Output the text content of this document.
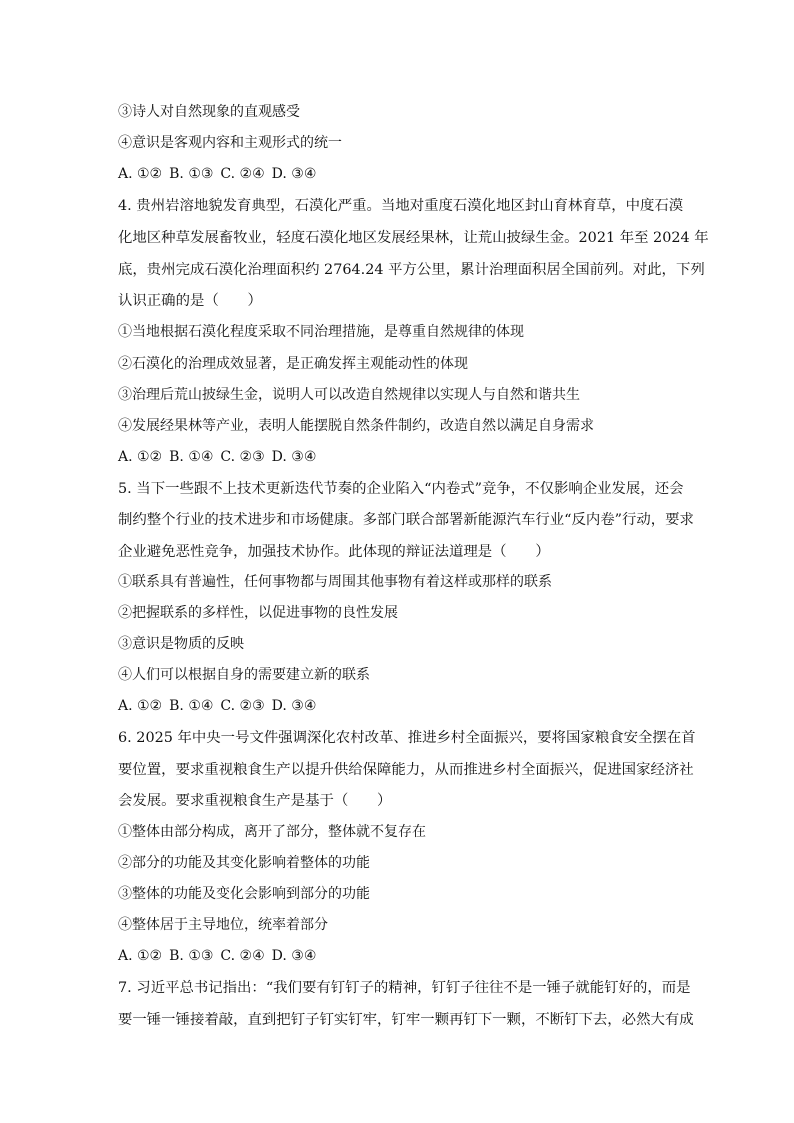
③诗人对自然现象的直观感受
④意识是客观内容和主观形式的统一
A. ①② B. ①③ C. ②④ D. ③④
4. 贵州岩溶地貌发育典型，石漠化严重。当地对重度石漠化地区封山育林育草，中度石漠
化地区种草发展畜牧业，轻度石漠化地区发展经果林，让荒山披绿生金。2021 年至 2024 年
底，贵州完成石漠化治理面积约 2764.24 平方公里，累计治理面积居全国前列。对此，下列
认识正确的是（　　）
①当地根据石漠化程度采取不同治理措施，是尊重自然规律的体现
②石漠化的治理成效显著，是正确发挥主观能动性的体现
③治理后荒山披绿生金，说明人可以改造自然规律以实现人与自然和谐共生
④发展经果林等产业，表明人能摆脱自然条件制约，改造自然以满足自身需求
A. ①② B. ①④ C. ②③ D. ③④
5. 当下一些跟不上技术更新迭代节奏的企业陷入“内卷式”竞争，不仅影响企业发展，还会
制约整个行业的技术进步和市场健康。多部门联合部署新能源汽车行业“反内卷”行动，要求
企业避免恶性竞争，加强技术协作。此体现的辩证法道理是（　　）
①联系具有普遍性，任何事物都与周围其他事物有着这样或那样的联系
②把握联系的多样性，以促进事物的良性发展
③意识是物质的反映
④人们可以根据自身的需要建立新的联系
A. ①② B. ①④ C. ②③ D. ③④
6. 2025 年中央一号文件强调深化农村改革、推进乡村全面振兴，要将国家粮食安全摆在首
要位置，要求重视粮食生产以提升供给保障能力，从而推进乡村全面振兴，促进国家经济社
会发展。要求重视粮食生产是基于（　　）
①整体由部分构成，离开了部分，整体就不复存在
②部分的功能及其变化影响着整体的功能
③整体的功能及变化会影响到部分的功能
④整体居于主导地位，统率着部分
A. ①② B. ①③ C. ②④ D. ③④
7. 习近平总书记指出：“我们要有钉钉子的精神，钉钉子往往不是一锤子就能钉好的，而是
要一锤一锤接着敲，直到把钉子钉实钉牢，钉牢一颗再钉下一颗，不断钉下去，必然大有成
